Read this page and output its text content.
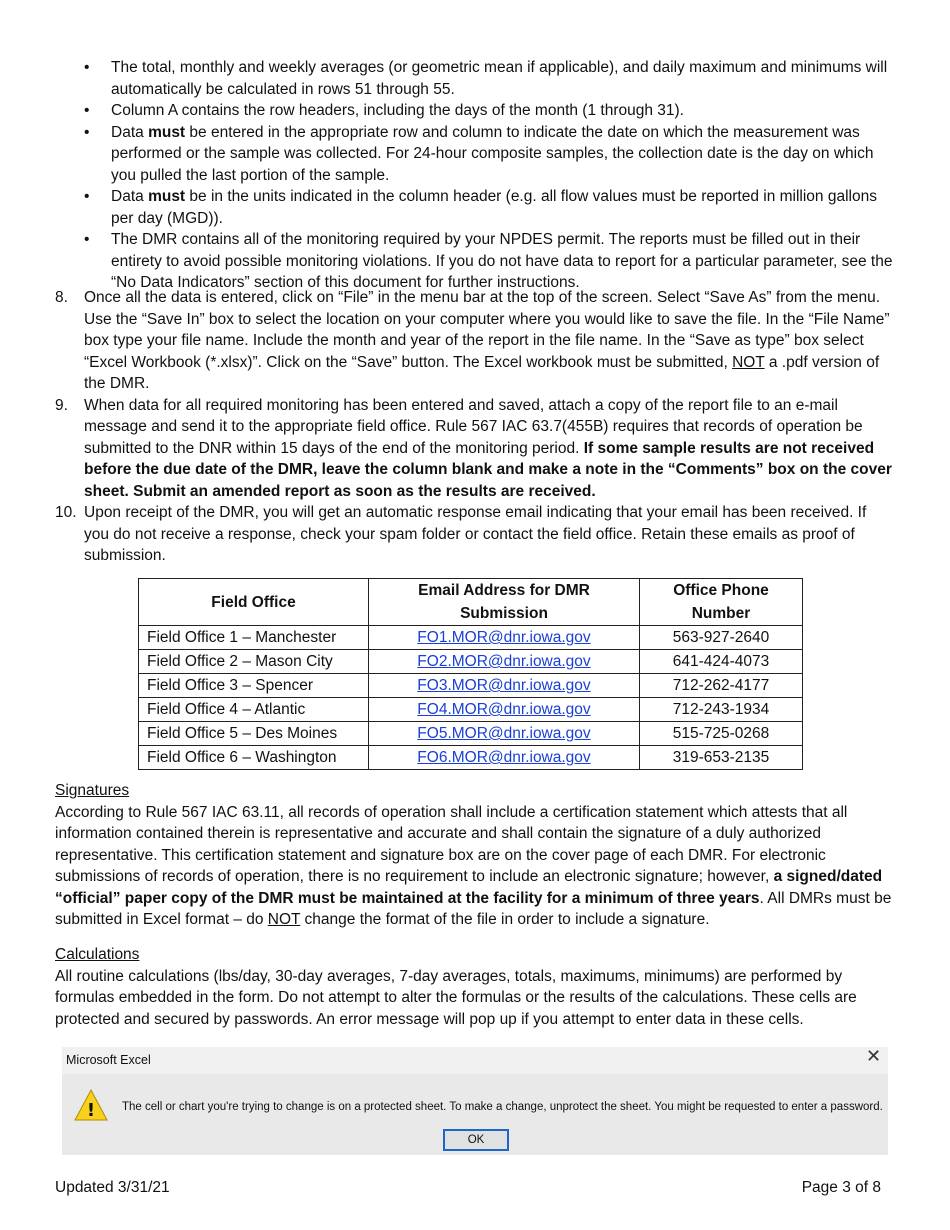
• The total, monthly and weekly averages (or geometric mean if applicable), and daily maximum and minimums will automatically be calculated in rows 51 through 55.
• Column A contains the row headers, including the days of the month (1 through 31).
• Data must be entered in the appropriate row and column to indicate the date on which the measurement was performed or the sample was collected. For 24-hour composite samples, the collection date is the day on which you pulled the last portion of the sample.
• Data must be in the units indicated in the column header (e.g. all flow values must be reported in million gallons per day (MGD)).
• The DMR contains all of the monitoring required by your NPDES permit. The reports must be filled out in their entirety to avoid possible monitoring violations. If you do not have data to report for a particular parameter, see the “No Data Indicators” section of this document for further instructions.
8. Once all the data is entered, click on “File” in the menu bar at the top of the screen. Select “Save As” from the menu. Use the “Save In” box to select the location on your computer where you would like to save the file. In the “File Name” box type your file name. Include the month and year of the report in the file name. In the “Save as type” box select “Excel Workbook (*.xlsx)”. Click on the “Save” button. The Excel workbook must be submitted, NOT a .pdf version of the DMR.
9. When data for all required monitoring has been entered and saved, attach a copy of the report file to an e-mail message and send it to the appropriate field office. Rule 567 IAC 63.7(455B) requires that records of operation be submitted to the DNR within 15 days of the end of the monitoring period. If some sample results are not received before the due date of the DMR, leave the column blank and make a note in the “Comments” box on the cover sheet. Submit an amended report as soon as the results are received.
10. Upon receipt of the DMR, you will get an automatic response email indicating that your email has been received. If you do not receive a response, check your spam folder or contact the field office. Retain these emails as proof of submission.
Field Office	Email Address for DMR Submission	Office Phone Number
Field Office 1 – Manchester	FO1.MOR@dnr.iowa.gov	563-927-2640
Field Office 2 – Mason City	FO2.MOR@dnr.iowa.gov	641-424-4073
Field Office 3 – Spencer	FO3.MOR@dnr.iowa.gov	712-262-4177
Field Office 4 – Atlantic	FO4.MOR@dnr.iowa.gov	712-243-1934
Field Office 5 – Des Moines	FO5.MOR@dnr.iowa.gov	515-725-0268
Field Office 6 – Washington	FO6.MOR@dnr.iowa.gov	319-653-2135
Signatures
According to Rule 567 IAC 63.11, all records of operation shall include a certification statement which attests that all information contained therein is representative and accurate and shall contain the signature of a duly authorized representative. This certification statement and signature box are on the cover page of each DMR. For electronic submissions of records of operation, there is no requirement to include an electronic signature; however, a signed/dated “official” paper copy of the DMR must be maintained at the facility for a minimum of three years. All DMRs must be submitted in Excel format – do NOT change the format of the file in order to include a signature.
Calculations
All routine calculations (lbs/day, 30-day averages, 7-day averages, totals, maximums, minimums) are performed by formulas embedded in the form. Do not attempt to alter the formulas or the results of the calculations. These cells are protected and secured by passwords. An error message will pop up if you attempt to enter data in these cells.
Microsoft Excel	✕
! The cell or chart you're trying to change is on a protected sheet. To make a change, unprotect the sheet. You might be requested to enter a password.
OK
Updated 3/31/21	Page 3 of 8
